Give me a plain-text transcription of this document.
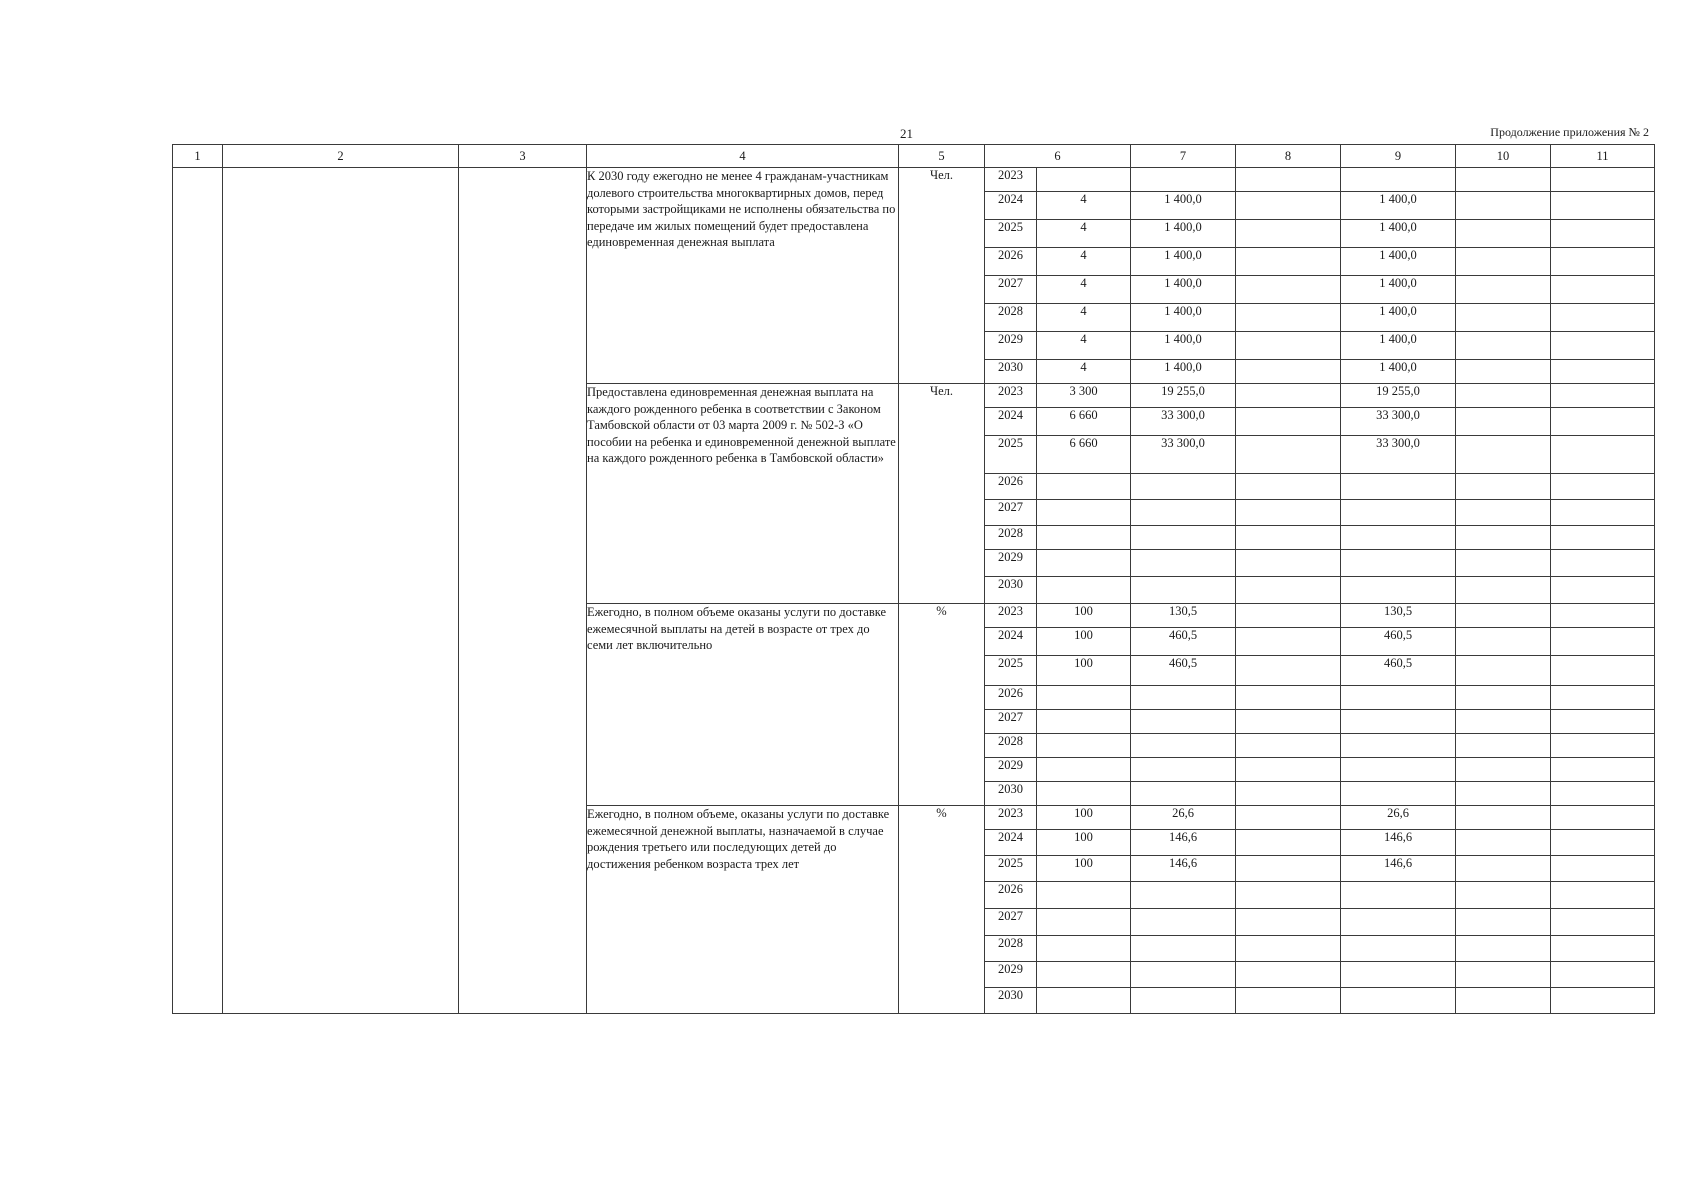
21	Продолжение приложения № 2
1	2	3	4	5	6		7	8	9	10	11
			К 2030 году ежегодно не менее 4 гражданам-участникам долевого строительства многоквартирных домов, перед которыми застройщиками не исполнены обязательства по передаче им жилых помещений будет предоставлена единовременная денежная выплата	Чел.	2023						
					2024	4	1 400,0		1 400,0		
					2025	4	1 400,0		1 400,0		
					2026	4	1 400,0		1 400,0		
					2027	4	1 400,0		1 400,0		
					2028	4	1 400,0		1 400,0		
					2029	4	1 400,0		1 400,0		
					2030	4	1 400,0		1 400,0		
			Предоставлена единовременная денежная выплата на каждого рожденного ребенка в соответствии с Законом Тамбовской области от 03 марта 2009 г. № 502-З «О пособии на ребенка и единовременной денежной выплате на каждого рожденного ребенка в Тамбовской области»	Чел.	2023	3 300	19 255,0		19 255,0		
					2024	6 660	33 300,0		33 300,0		
					2025	6 660	33 300,0		33 300,0		
					2026						
					2027						
					2028						
					2029						
					2030						
			Ежегодно, в полном объеме оказаны услуги по доставке ежемесячной выплаты на детей в возрасте от трех до семи лет включительно	%	2023	100	130,5		130,5		
					2024	100	460,5		460,5		
					2025	100	460,5		460,5		
					2026						
					2027						
					2028						
					2029						
					2030						
			Ежегодно, в полном объеме, оказаны услуги по доставке ежемесячной денежной выплаты, назначаемой в случае рождения третьего или последующих детей до достижения ребенком возраста трех лет	%	2023	100	26,6		26,6		
					2024	100	146,6		146,6		
					2025	100	146,6		146,6		
					2026						
					2027						
					2028						
					2029						
					2030						
